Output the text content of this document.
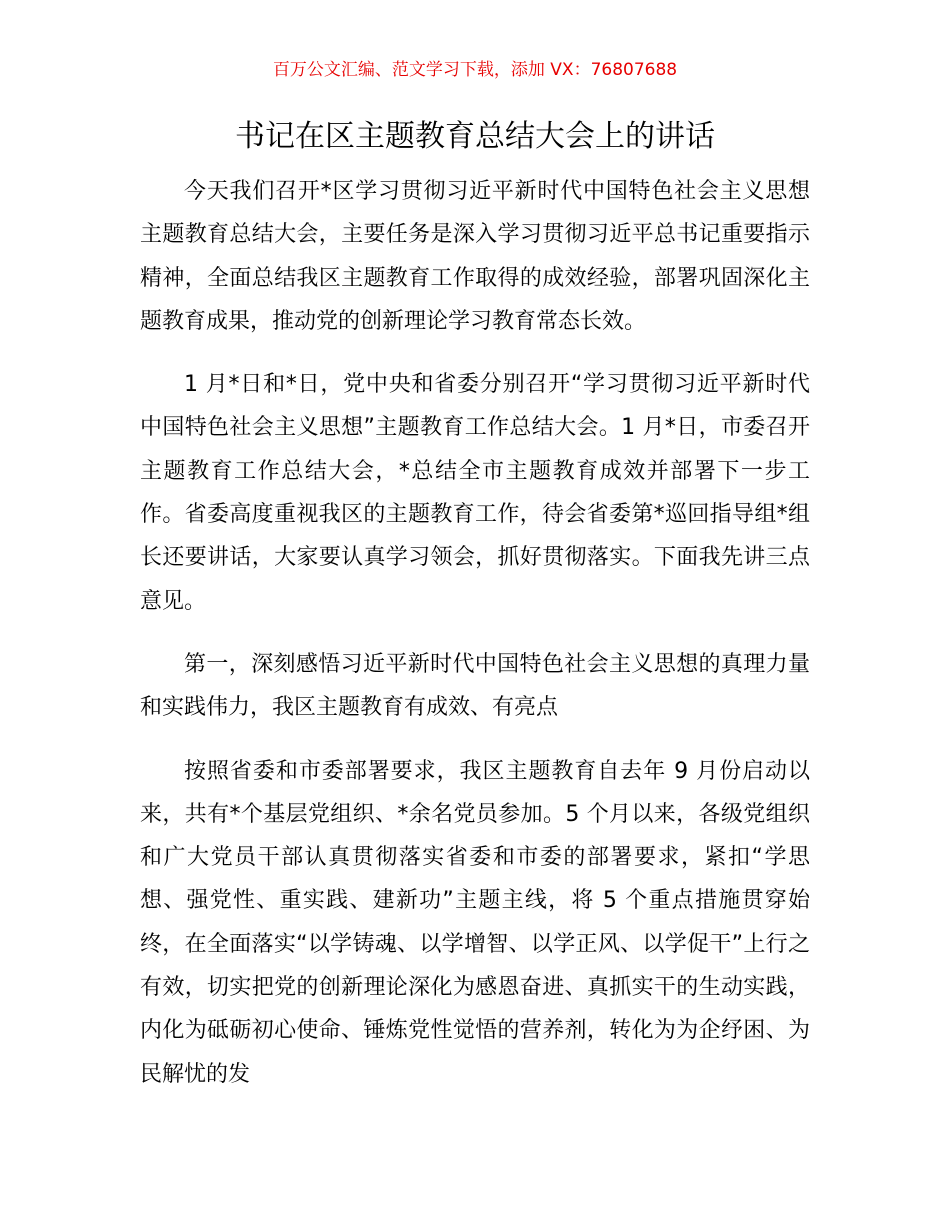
百万公文汇编、范文学习下载，添加 VX：76807688
书记在区主题教育总结大会上的讲话

今天我们召开*区学习贯彻习近平新时代中国特色社会主义思想主题教育总结大会，主要任务是深入学习贯彻习近平总书记重要指示精神，全面总结我区主题教育工作取得的成效经验，部署巩固深化主题教育成果，推动党的创新理论学习教育常态长效。

1 月*日和*日，党中央和省委分别召开“学习贯彻习近平新时代中国特色社会主义思想”主题教育工作总结大会。1 月*日，市委召开主题教育工作总结大会，*总结全市主题教育成效并部署下一步工作。省委高度重视我区的主题教育工作，待会省委第*巡回指导组*组长还要讲话，大家要认真学习领会，抓好贯彻落实。下面我先讲三点意见。

第一，深刻感悟习近平新时代中国特色社会主义思想的真理力量和实践伟力，我区主题教育有成效、有亮点

按照省委和市委部署要求，我区主题教育自去年 9 月份启动以来，共有*个基层党组织、*余名党员参加。5 个月以来，各级党组织和广大党员干部认真贯彻落实省委和市委的部署要求，紧扣“学思想、强党性、重实践、建新功”主题主线，将 5 个重点措施贯穿始终，在全面落实“以学铸魂、以学增智、以学正风、以学促干”上行之有效，切实把党的创新理论深化为感恩奋进、真抓实干的生动实践，内化为砥砺初心使命、锤炼党性觉悟的营养剂，转化为为企纾困、为民解忧的发
